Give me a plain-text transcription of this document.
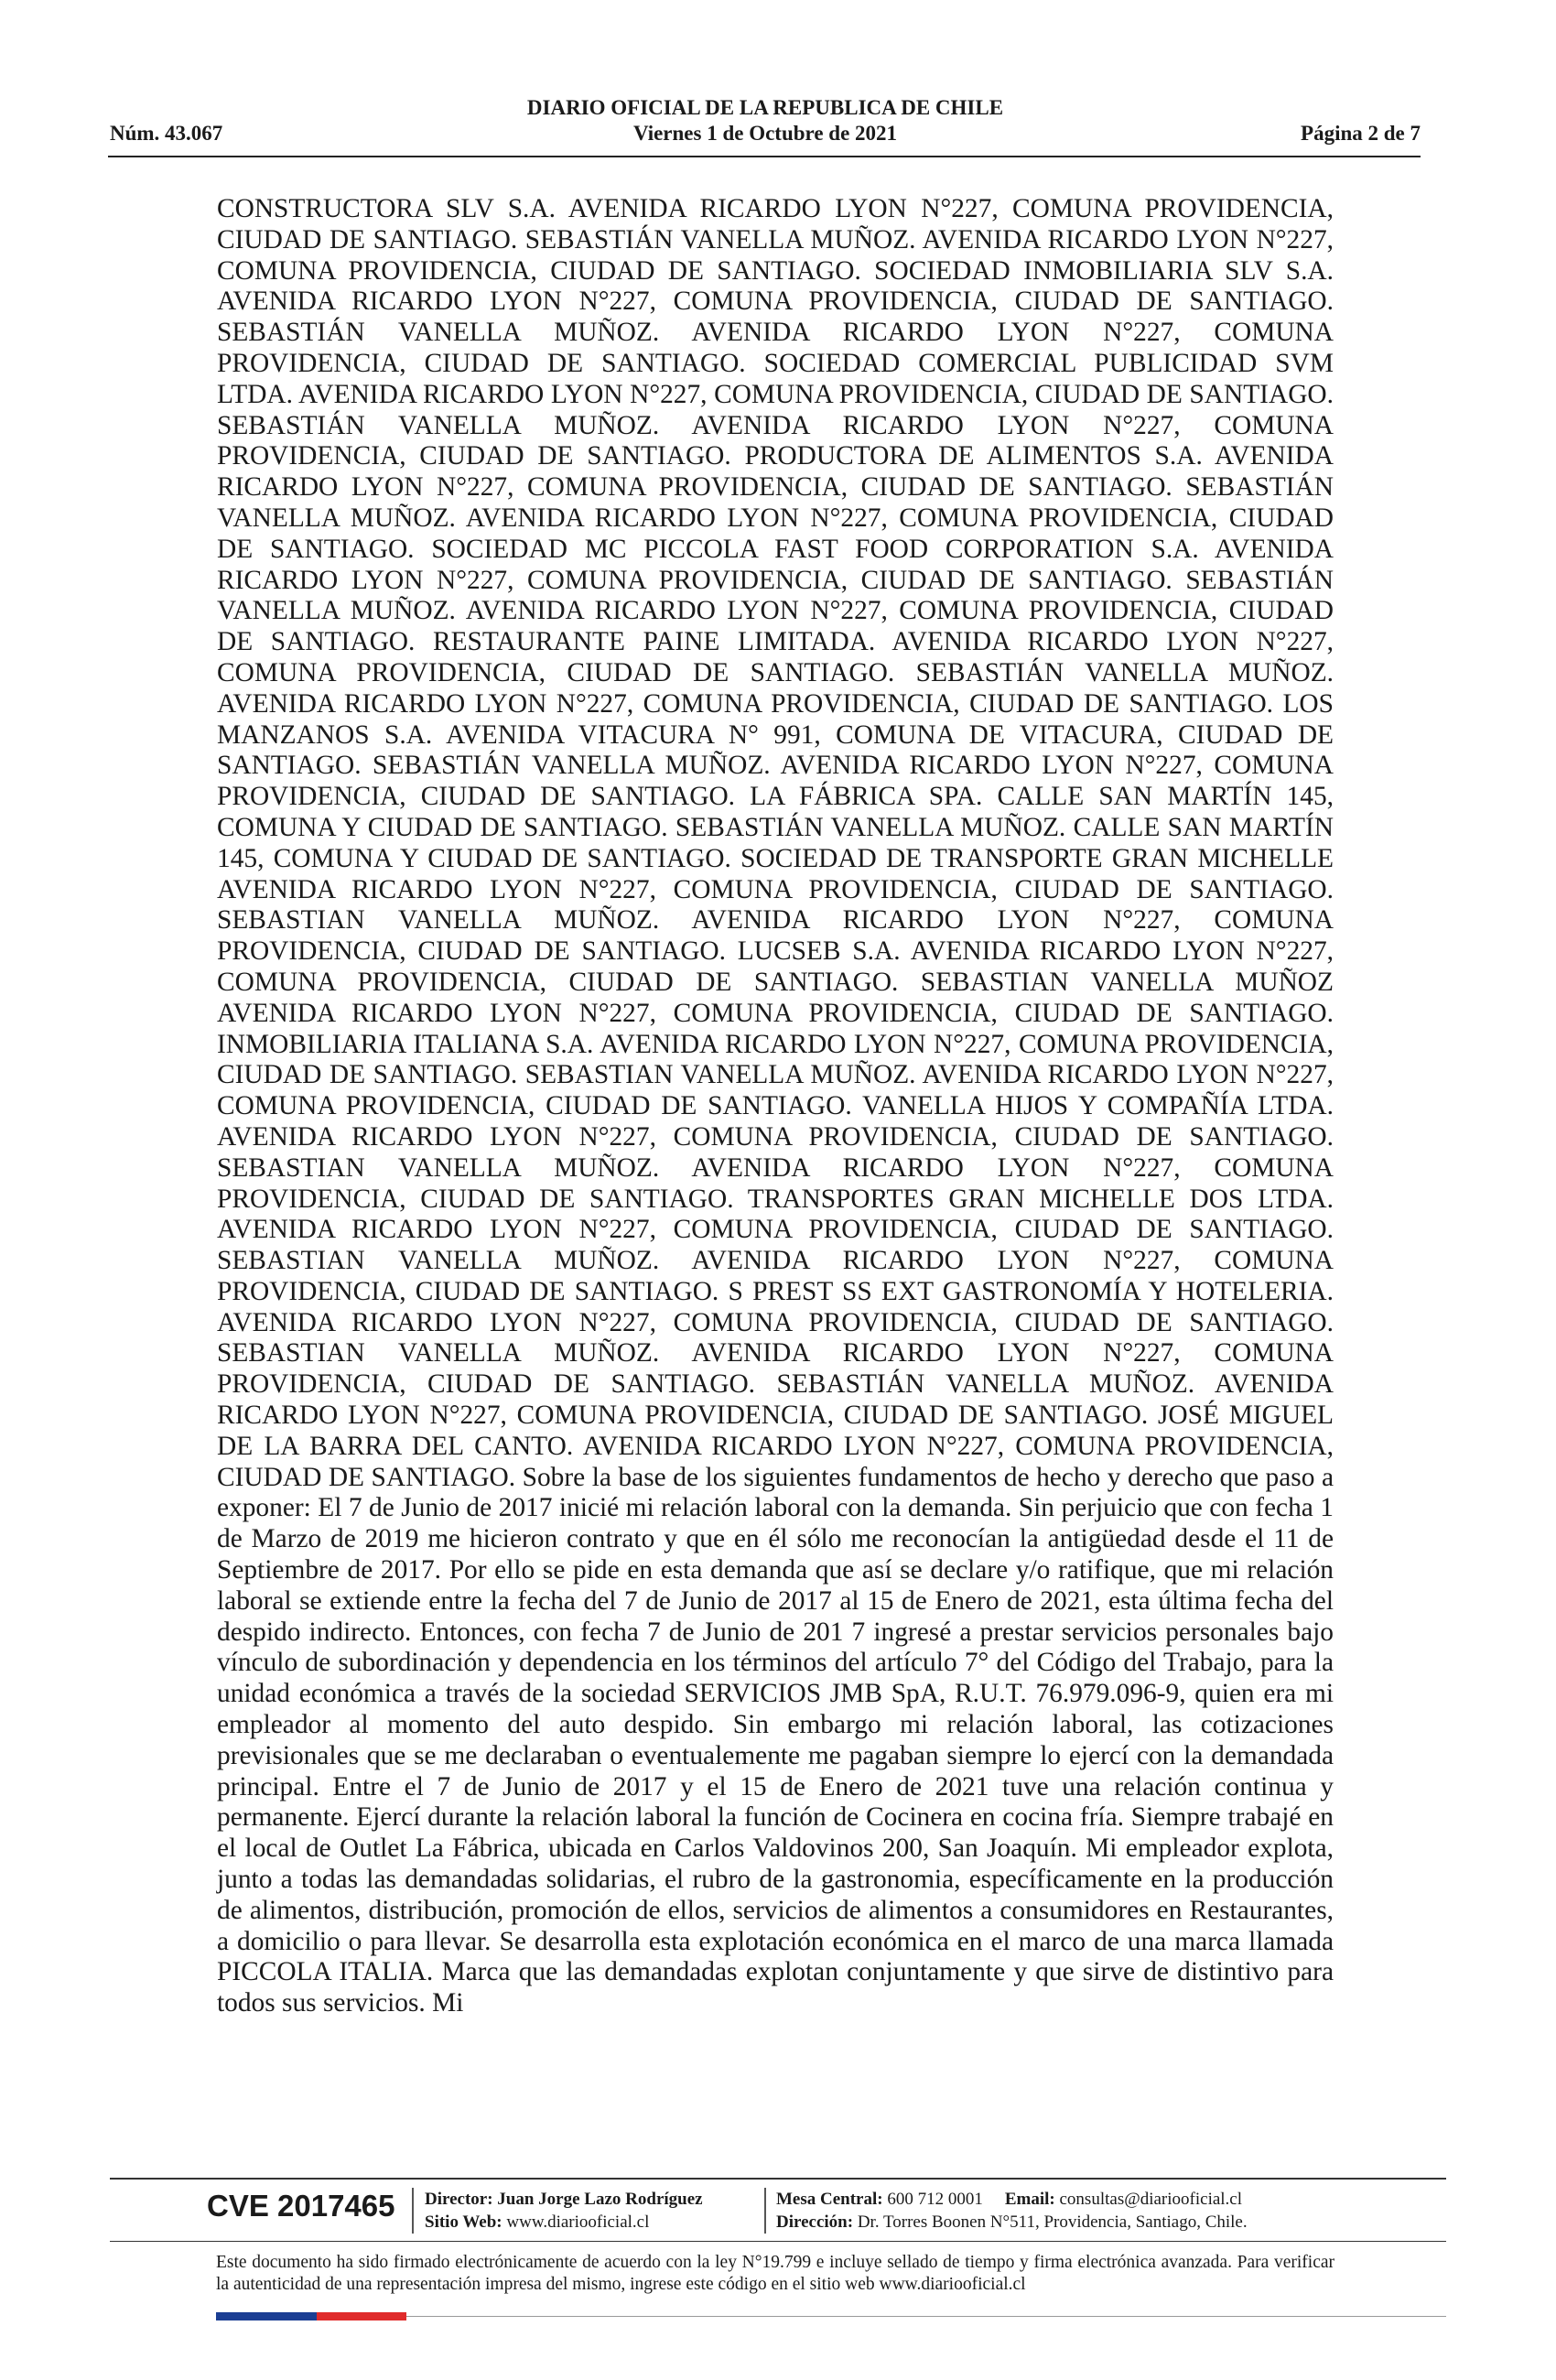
DIARIO OFICIAL DE LA REPUBLICA DE CHILE
Núm. 43.067	Viernes 1 de Octubre de 2021	Página 2 de 7

CONSTRUCTORA SLV S.A. AVENIDA RICARDO LYON N°227, COMUNA PROVIDENCIA, CIUDAD DE SANTIAGO. SEBASTIÁN VANELLA MUÑOZ. AVENIDA RICARDO LYON N°227, COMUNA PROVIDENCIA, CIUDAD DE SANTIAGO. SOCIEDAD INMOBILIARIA SLV S.A. AVENIDA RICARDO LYON N°227, COMUNA PROVIDENCIA, CIUDAD DE SANTIAGO. SEBASTIÁN VANELLA MUÑOZ. AVENIDA RICARDO LYON N°227, COMUNA PROVIDENCIA, CIUDAD DE SANTIAGO. SOCIEDAD COMERCIAL PUBLICIDAD SVM LTDA. AVENIDA RICARDO LYON N°227, COMUNA PROVIDENCIA, CIUDAD DE SANTIAGO. SEBASTIÁN VANELLA MUÑOZ. AVENIDA RICARDO LYON N°227, COMUNA PROVIDENCIA, CIUDAD DE SANTIAGO. PRODUCTORA DE ALIMENTOS S.A. AVENIDA RICARDO LYON N°227, COMUNA PROVIDENCIA, CIUDAD DE SANTIAGO. SEBASTIÁN VANELLA MUÑOZ. AVENIDA RICARDO LYON N°227, COMUNA PROVIDENCIA, CIUDAD DE SANTIAGO. SOCIEDAD MC PICCOLA FAST FOOD CORPORATION S.A. AVENIDA RICARDO LYON N°227, COMUNA PROVIDENCIA, CIUDAD DE SANTIAGO. SEBASTIÁN VANELLA MUÑOZ. AVENIDA RICARDO LYON N°227, COMUNA PROVIDENCIA, CIUDAD DE SANTIAGO. RESTAURANTE PAINE LIMITADA. AVENIDA RICARDO LYON N°227, COMUNA PROVIDENCIA, CIUDAD DE SANTIAGO. SEBASTIÁN VANELLA MUÑOZ. AVENIDA RICARDO LYON N°227, COMUNA PROVIDENCIA, CIUDAD DE SANTIAGO. LOS MANZANOS S.A. AVENIDA VITACURA N° 991, COMUNA DE VITACURA, CIUDAD DE SANTIAGO. SEBASTIÁN VANELLA MUÑOZ. AVENIDA RICARDO LYON N°227, COMUNA PROVIDENCIA, CIUDAD DE SANTIAGO. LA FÁBRICA SPA. CALLE SAN MARTÍN 145, COMUNA Y CIUDAD DE SANTIAGO. SEBASTIÁN VANELLA MUÑOZ. CALLE SAN MARTÍN 145, COMUNA Y CIUDAD DE SANTIAGO. SOCIEDAD DE TRANSPORTE GRAN MICHELLE AVENIDA RICARDO LYON N°227, COMUNA PROVIDENCIA, CIUDAD DE SANTIAGO. SEBASTIAN VANELLA MUÑOZ. AVENIDA RICARDO LYON N°227, COMUNA PROVIDENCIA, CIUDAD DE SANTIAGO. LUCSEB S.A. AVENIDA RICARDO LYON N°227, COMUNA PROVIDENCIA, CIUDAD DE SANTIAGO. SEBASTIAN VANELLA MUÑOZ AVENIDA RICARDO LYON N°227, COMUNA PROVIDENCIA, CIUDAD DE SANTIAGO. INMOBILIARIA ITALIANA S.A. AVENIDA RICARDO LYON N°227, COMUNA PROVIDENCIA, CIUDAD DE SANTIAGO. SEBASTIAN VANELLA MUÑOZ. AVENIDA RICARDO LYON N°227, COMUNA PROVIDENCIA, CIUDAD DE SANTIAGO. VANELLA HIJOS Y COMPAÑÍA LTDA. AVENIDA RICARDO LYON N°227, COMUNA PROVIDENCIA, CIUDAD DE SANTIAGO. SEBASTIAN VANELLA MUÑOZ. AVENIDA RICARDO LYON N°227, COMUNA PROVIDENCIA, CIUDAD DE SANTIAGO. TRANSPORTES GRAN MICHELLE DOS LTDA. AVENIDA RICARDO LYON N°227, COMUNA PROVIDENCIA, CIUDAD DE SANTIAGO. SEBASTIAN VANELLA MUÑOZ. AVENIDA RICARDO LYON N°227, COMUNA PROVIDENCIA, CIUDAD DE SANTIAGO. S PREST SS EXT GASTRONOMÍA Y HOTELERIA. AVENIDA RICARDO LYON N°227, COMUNA PROVIDENCIA, CIUDAD DE SANTIAGO. SEBASTIAN VANELLA MUÑOZ. AVENIDA RICARDO LYON N°227, COMUNA PROVIDENCIA, CIUDAD DE SANTIAGO. SEBASTIÁN VANELLA MUÑOZ. AVENIDA RICARDO LYON N°227, COMUNA PROVIDENCIA, CIUDAD DE SANTIAGO. JOSÉ MIGUEL DE LA BARRA DEL CANTO. AVENIDA RICARDO LYON N°227, COMUNA PROVIDENCIA, CIUDAD DE SANTIAGO. Sobre la base de los siguientes fundamentos de hecho y derecho que paso a exponer: El 7 de Junio de 2017 inicié mi relación laboral con la demanda. Sin perjuicio que con fecha 1 de Marzo de 2019 me hicieron contrato y que en él sólo me reconocían la antigüedad desde el 11 de Septiembre de 2017. Por ello se pide en esta demanda que así se declare y/o ratifique, que mi relación laboral se extiende entre la fecha del 7 de Junio de 2017 al 15 de Enero de 2021, esta última fecha del despido indirecto. Entonces, con fecha 7 de Junio de 201 7 ingresé a prestar servicios personales bajo vínculo de subordinación y dependencia en los términos del artículo 7° del Código del Trabajo, para la unidad económica a través de la sociedad SERVICIOS JMB SpA, R.U.T. 76.979.096-9, quien era mi empleador al momento del auto despido. Sin embargo mi relación laboral, las cotizaciones previsionales que se me declaraban o eventualemente me pagaban siempre lo ejercí con la demandada principal. Entre el 7 de Junio de 2017 y el 15 de Enero de 2021 tuve una relación continua y permanente. Ejercí durante la relación laboral la función de Cocinera en cocina fría. Siempre trabajé en el local de Outlet La Fábrica, ubicada en Carlos Valdovinos 200, San Joaquín. Mi empleador explota, junto a todas las demandadas solidarias, el rubro de la gastronomia, específicamente en la producción de alimentos, distribución, promoción de ellos, servicios de alimentos a consumidores en Restaurantes, a domicilio o para llevar. Se desarrolla esta explotación económica en el marco de una marca llamada PICCOLA ITALIA. Marca que las demandadas explotan conjuntamente y que sirve de distintivo para todos sus servicios. Mi

CVE 2017465 Director: Juan Jorge Lazo Rodríguez
Sitio Web: www.diariooficial.cl
Mesa Central: 600 712 0001 Email: consultas@diariooficial.cl
Dirección: Dr. Torres Boonen N°511, Providencia, Santiago, Chile.
Este documento ha sido firmado electrónicamente de acuerdo con la ley N°19.799 e incluye sellado de tiempo y firma electrónica avanzada. Para verificar la autenticidad de una representación impresa del mismo, ingrese este código en el sitio web www.diariooficial.cl
